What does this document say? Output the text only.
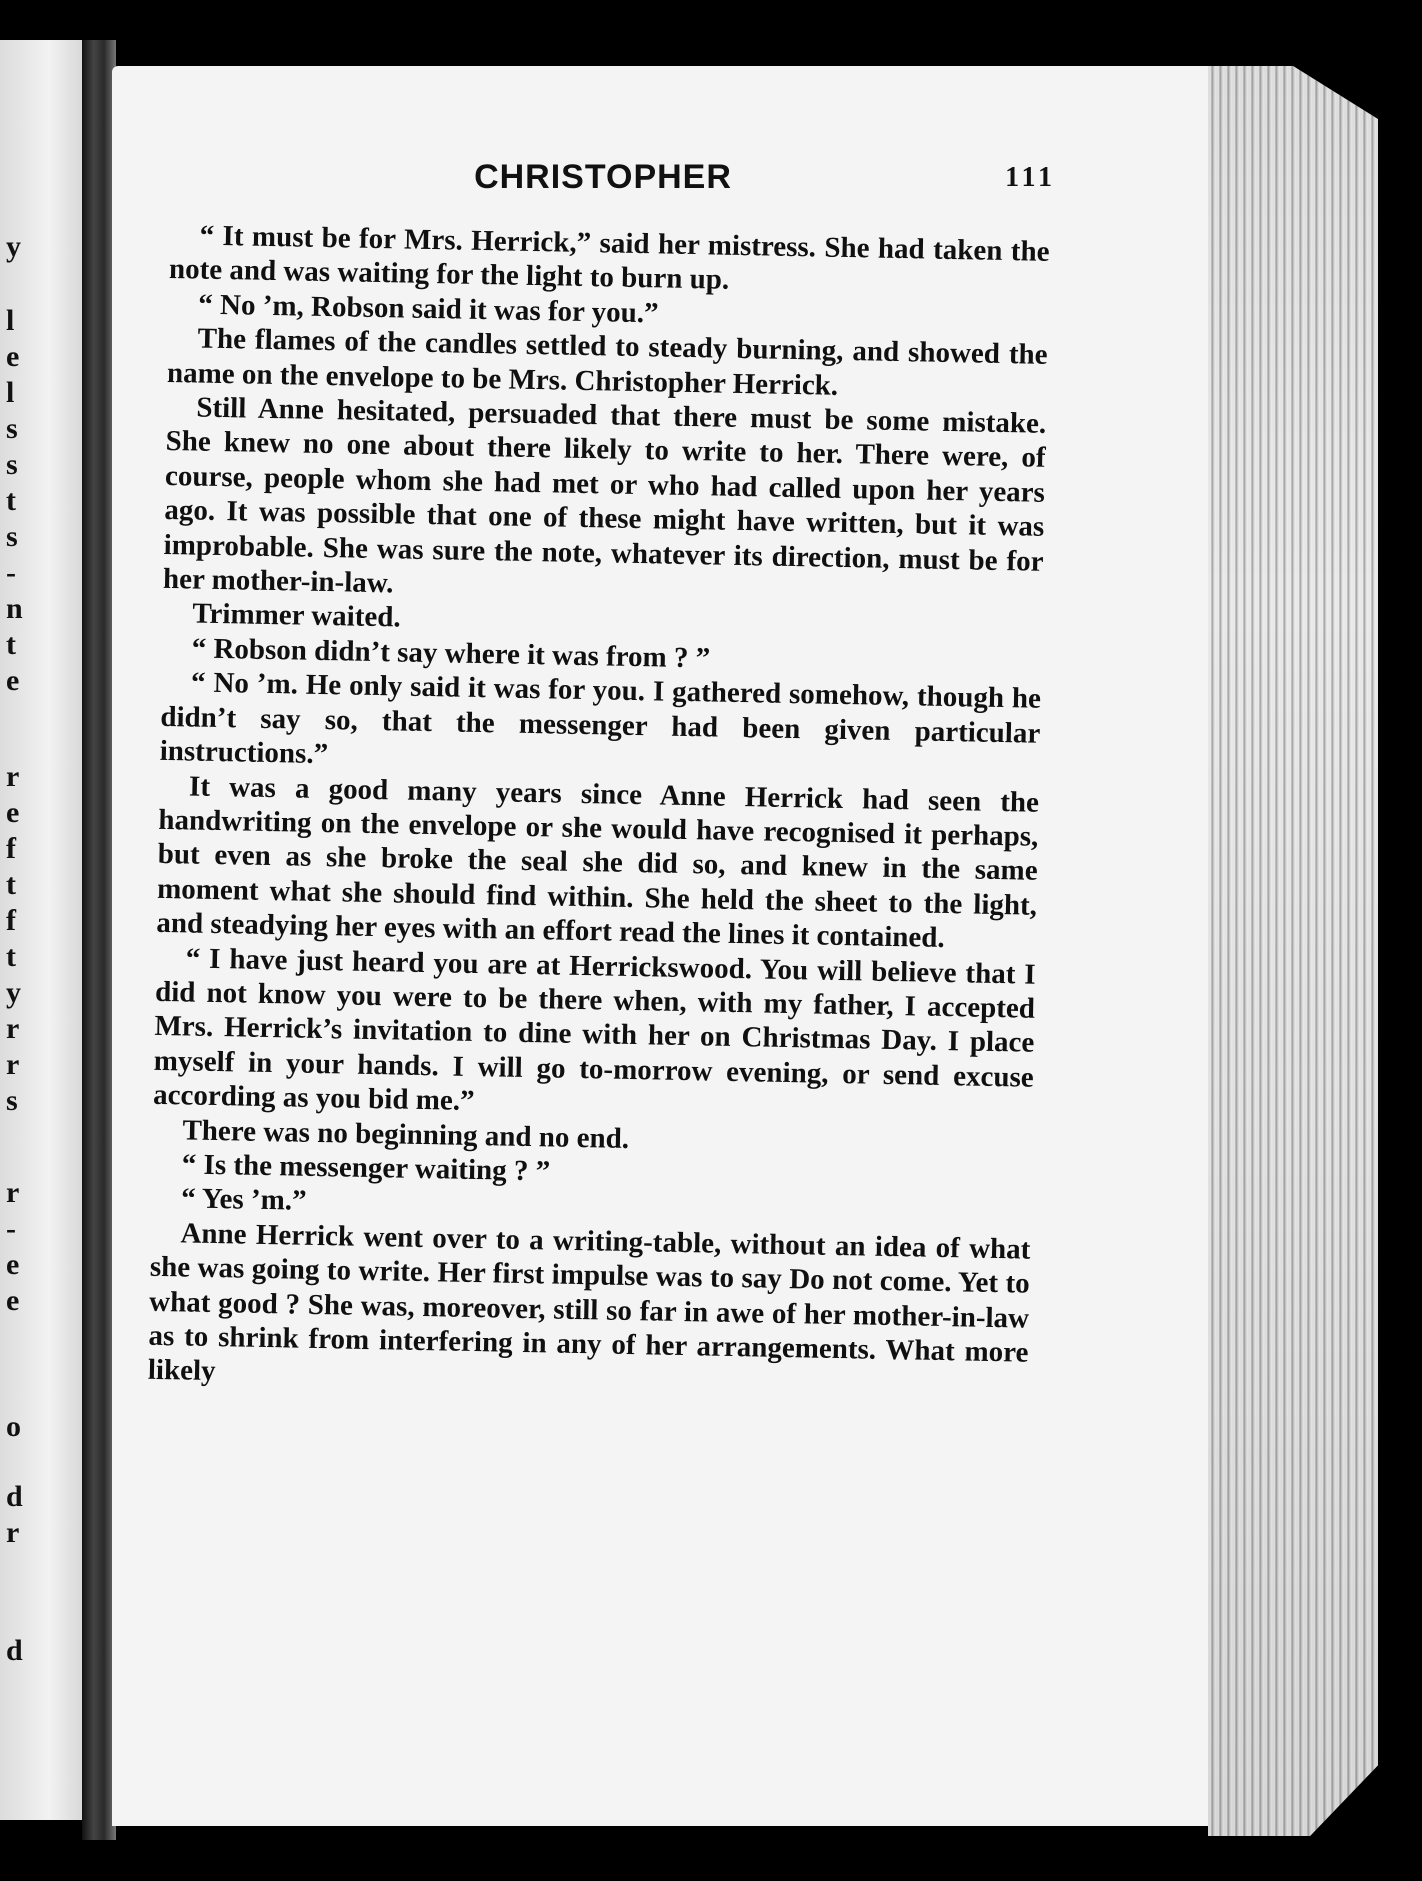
y
l
e
l
s
s
t
s
-
n
t
e
r
e
f
t
f
t
y
r
r
s
r
-
e
e
o
d
r
d
CHRISTOPHER	111

“ It must be for Mrs. Herrick,” said her mistress. She had taken the note and was waiting for the light to burn up.

“ No ’m, Robson said it was for you.”

The flames of the candles settled to steady burning, and showed the name on the envelope to be Mrs. Christopher Herrick.

Still Anne hesitated, persuaded that there must be some mistake. She knew no one about there likely to write to her. There were, of course, people whom she had met or who had called upon her years ago. It was possible that one of these might have written, but it was improbable. She was sure the note, whatever its direction, must be for her mother-in-law.

Trimmer waited.

“ Robson didn’t say where it was from ? ”

“ No ’m. He only said it was for you. I gathered somehow, though he didn’t say so, that the messenger had been given particular instructions.”

It was a good many years since Anne Herrick had seen the handwriting on the envelope or she would have recognised it perhaps, but even as she broke the seal she did so, and knew in the same moment what she should find within. She held the sheet to the light, and steadying her eyes with an effort read the lines it contained.

“ I have just heard you are at Herrickswood. You will believe that I did not know you were to be there when, with my father, I accepted Mrs. Herrick’s invitation to dine with her on Christmas Day. I place myself in your hands. I will go to-morrow evening, or send excuse according as you bid me.”

There was no beginning and no end.

“ Is the messenger waiting ? ”

“ Yes ’m.”

Anne Herrick went over to a writing-table, without an idea of what she was going to write. Her first impulse was to say Do not come. Yet to what good ? She was, moreover, still so far in awe of her mother-in-law as to shrink from interfering in any of her arrangements. What more likely
